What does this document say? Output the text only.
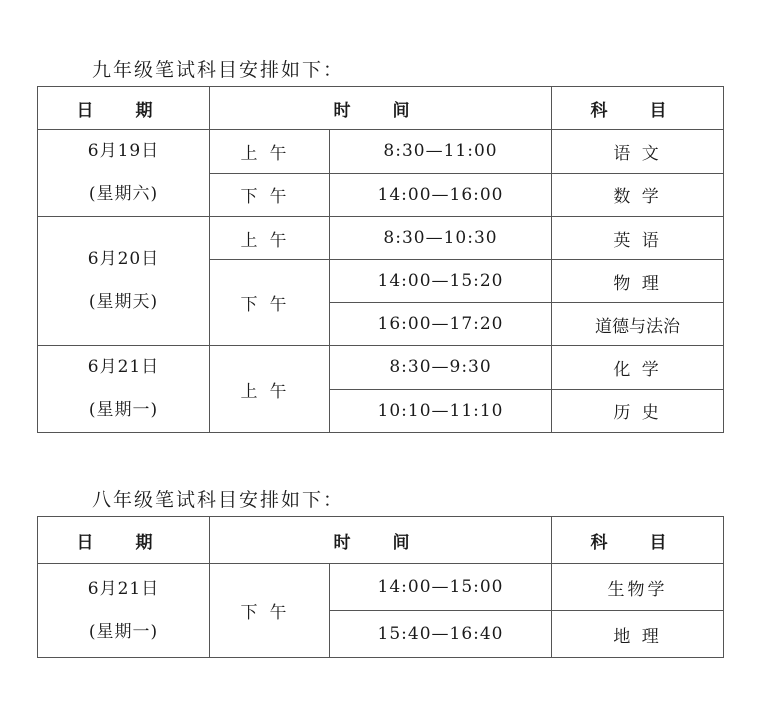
九年级笔试科目安排如下：
日 期	时 间		科 目

6月19日
(星期六)	上午	8:30—11:00	语 文
	下午	14:00—16:00	数 学

6月20日
(星期天)	上午	8:30—10:30	英 语
	下午	14:00—15:20	物 理
		16:00—17:20	道德与法治

6月21日
(星期一)	上午	8:30—9:30	化 学
		10:10—11:10	历 史
八年级笔试科目安排如下：
日 期	时 间		科 目

6月21日
(星期一)	下午	14:00—15:00	生物学
		15:40—16:40	地 理
